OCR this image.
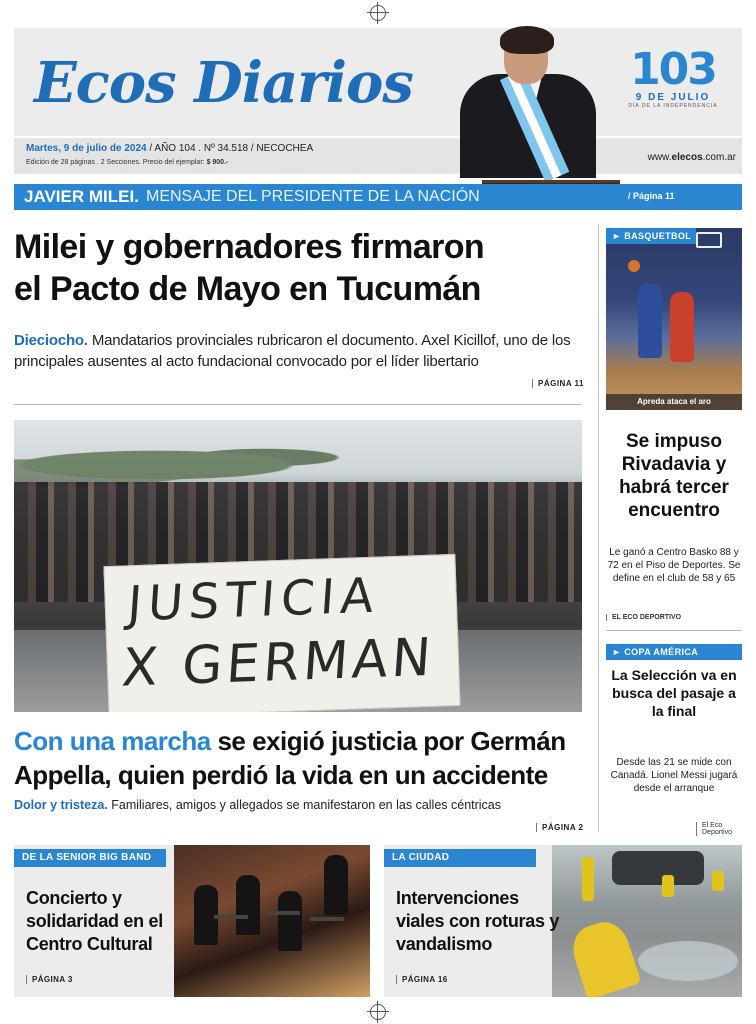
Ecos Diarios	103
9 DE JULIO
DÍA DE LA INDEPENDENCIA
Martes, 9 de julio de 2024 / AÑO 104 . Nº 34.518 / NECOCHEA
Edición de 28 páginas . 2 Secciones. Precio del ejemplar: $ 900.-	www.elecos.com.ar
JAVIER MILEI. MENSAJE DEL PRESIDENTE DE LA NACIÓN	/ Página 11
Milei y gobernadores firmaron
el Pacto de Mayo en Tucumán
Dieciocho. Mandatarios provinciales rubricaron el documento. Axel Kicillof, uno de los principales ausentes al acto fundacional convocado por el líder libertario
PÁGINA 11
JUSTICIA
X GERMAN
Con una marcha se exigió justicia por Germán Appella, quien perdió la vida en un accidente
Dolor y tristeza. Familiares, amigos y allegados se manifestaron en las calles céntricas
PÁGINA 2
Apreda ataca el aro
► BASQUETBOL
Se impuso Rivadavia y habrá tercer encuentro
Le ganó a Centro Basko 88 y 72 en el Piso de Deportes. Se define en el club de 58 y 65
EL ECO DEPORTIVO
► COPA AMÉRICA
La Selección va en busca del pasaje a la final
Desde las 21 se mide con Canadá. Lionel Messi jugará desde el arranque
El Eco Deportivo
DE LA SENIOR BIG BAND
Concierto y solidaridad en el Centro Cultural
PÁGINA 3
LA CIUDAD
Intervenciones viales con roturas y vandalismo
PÁGINA 16
